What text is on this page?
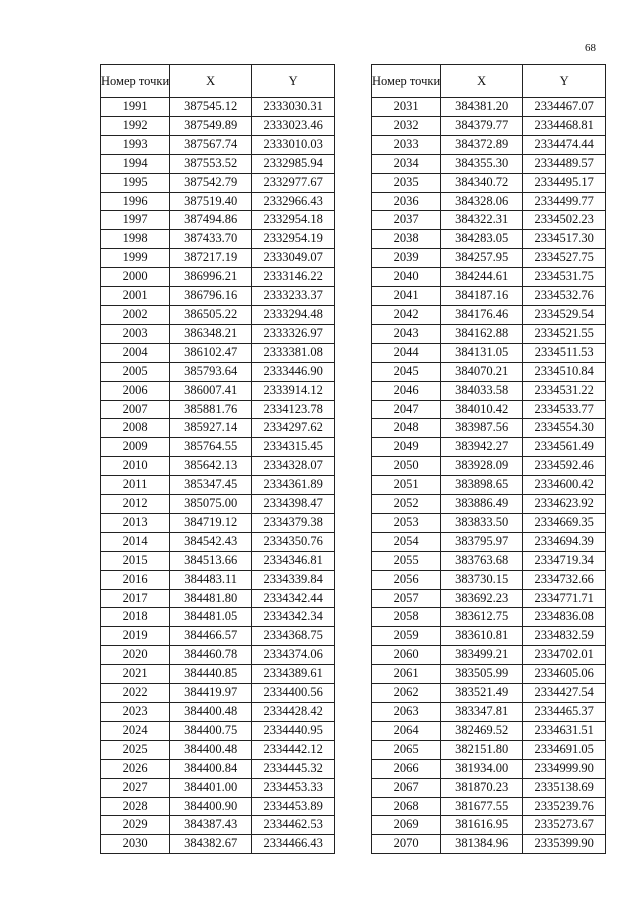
68
Номер точки	X	Y
1991	387545.12	2333030.31
1992	387549.89	2333023.46
1993	387567.74	2333010.03
1994	387553.52	2332985.94
1995	387542.79	2332977.67
1996	387519.40	2332966.43
1997	387494.86	2332954.18
1998	387433.70	2332954.19
1999	387217.19	2333049.07
2000	386996.21	2333146.22
2001	386796.16	2333233.37
2002	386505.22	2333294.48
2003	386348.21	2333326.97
2004	386102.47	2333381.08
2005	385793.64	2333446.90
2006	386007.41	2333914.12
2007	385881.76	2334123.78
2008	385927.14	2334297.62
2009	385764.55	2334315.45
2010	385642.13	2334328.07
2011	385347.45	2334361.89
2012	385075.00	2334398.47
2013	384719.12	2334379.38
2014	384542.43	2334350.76
2015	384513.66	2334346.81
2016	384483.11	2334339.84
2017	384481.80	2334342.44
2018	384481.05	2334342.34
2019	384466.57	2334368.75
2020	384460.78	2334374.06
2021	384440.85	2334389.61
2022	384419.97	2334400.56
2023	384400.48	2334428.42
2024	384400.75	2334440.95
2025	384400.48	2334442.12
2026	384400.84	2334445.32
2027	384401.00	2334453.33
2028	384400.90	2334453.89
2029	384387.43	2334462.53
2030	384382.67	2334466.43
Номер точки	X	Y
2031	384381.20	2334467.07
2032	384379.77	2334468.81
2033	384372.89	2334474.44
2034	384355.30	2334489.57
2035	384340.72	2334495.17
2036	384328.06	2334499.77
2037	384322.31	2334502.23
2038	384283.05	2334517.30
2039	384257.95	2334527.75
2040	384244.61	2334531.75
2041	384187.16	2334532.76
2042	384176.46	2334529.54
2043	384162.88	2334521.55
2044	384131.05	2334511.53
2045	384070.21	2334510.84
2046	384033.58	2334531.22
2047	384010.42	2334533.77
2048	383987.56	2334554.30
2049	383942.27	2334561.49
2050	383928.09	2334592.46
2051	383898.65	2334600.42
2052	383886.49	2334623.92
2053	383833.50	2334669.35
2054	383795.97	2334694.39
2055	383763.68	2334719.34
2056	383730.15	2334732.66
2057	383692.23	2334771.71
2058	383612.75	2334836.08
2059	383610.81	2334832.59
2060	383499.21	2334702.01
2061	383505.99	2334605.06
2062	383521.49	2334427.54
2063	383347.81	2334465.37
2064	382469.52	2334631.51
2065	382151.80	2334691.05
2066	381934.00	2334999.90
2067	381870.23	2335138.69
2068	381677.55	2335239.76
2069	381616.95	2335273.67
2070	381384.96	2335399.90
